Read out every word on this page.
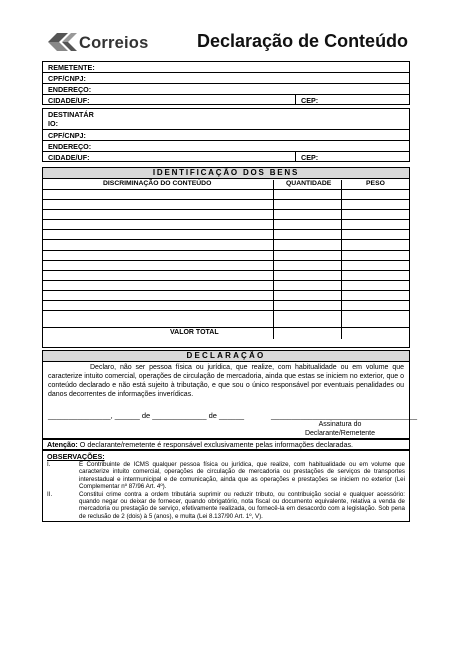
Correios	Declaração de Conteúdo
REMETENTE:
CPF/CNPJ:
ENDEREÇO:
CIDADE/UF:	CEP:
DESTINATÁR
IO:
CPF/CNPJ:
ENDEREÇO:
CIDADE/UF:	CEP:
IDENTIFICAÇÃO DOS BENS
DISCRIMINAÇÃO DO CONTEÚDO	QUANTIDADE	PESO
VALOR TOTAL
DECLARAÇÃO
Declaro, não ser pessoa física ou jurídica, que realize, com habitualidade ou em volume que caracterize intuito comercial, operações de circulação de mercadoria, ainda que estas se iniciem no exterior, que o conteúdo declarado e não está sujeito à tributação, e que sou o único responsável por eventuais penalidades ou danos decorrentes de informações inverídicas.
_______________, ______ de _____________ de ______	___________________________________
Assinatura do
Declarante/Remetente
Atenção: O declarante/remetente é responsável exclusivamente pelas informações declaradas.
OBSERVAÇÕES:
I.	É Contribuinte de ICMS qualquer pessoa física ou jurídica, que realize, com habitualidade ou em volume que caracterize intuito comercial, operações de circulação de mercadoria ou prestações de serviços de transportes interestadual e intermunicipal e de comunicação, ainda que as operações e prestações se iniciem no exterior (Lei Complementar nº 87/96 Art. 4º).
II.	Constitui crime contra a ordem tributária suprimir ou reduzir tributo, ou contribuição social e qualquer acessório: quando negar ou deixar de fornecer, quando obrigatório, nota fiscal ou documento equivalente, relativa a venda de mercadoria ou prestação de serviço, efetivamente realizada, ou fornecê-la em desacordo com a legislação. Sob pena de reclusão de 2 (dois) à 5 (anos), e multa (Lei 8.137/90 Art. 1º, V).
